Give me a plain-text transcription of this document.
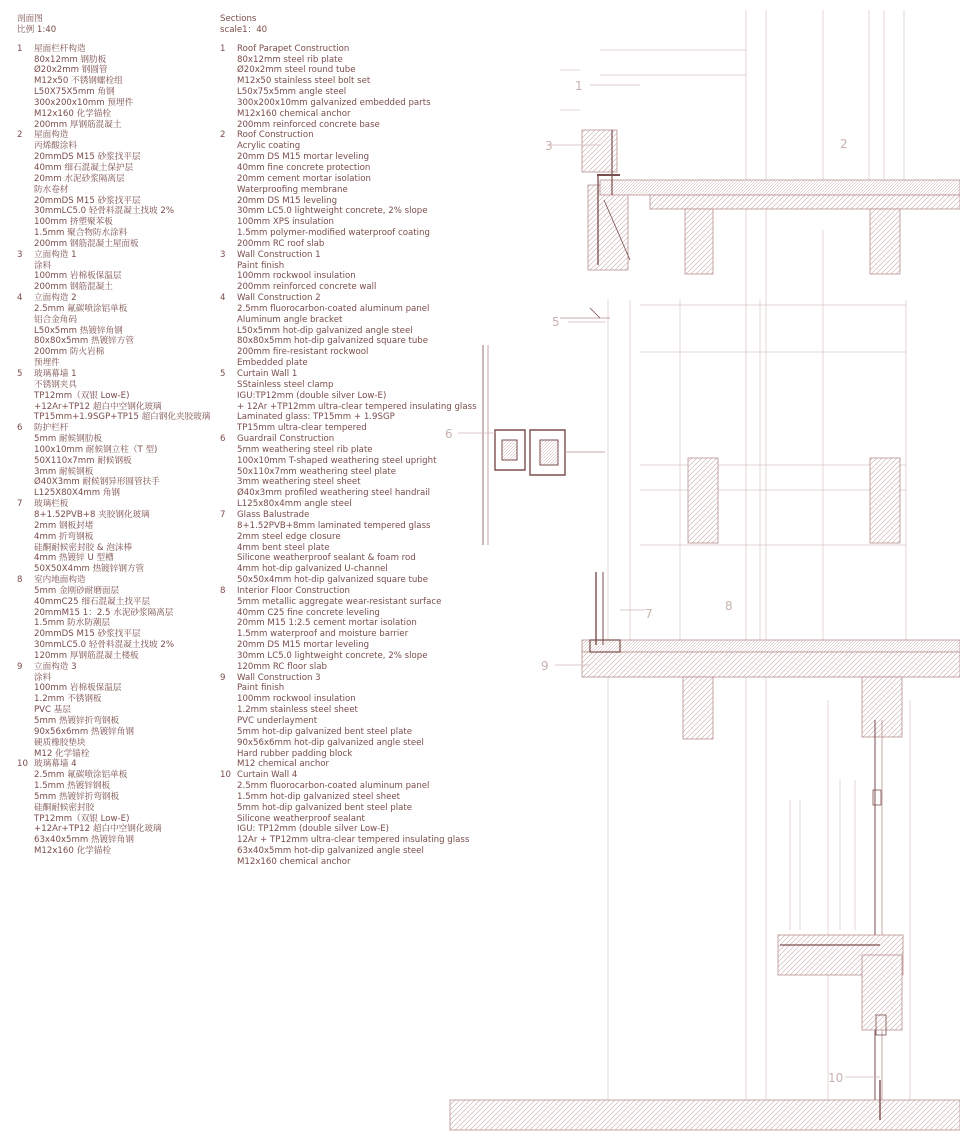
剖面图
比例 1:40
1	屋面栏杆构造
80x12mm 钢肋板
Ø20x2mm 钢圆管
M12x50 不锈钢螺栓组
L50X75X5mm 角钢
300x200x10mm 预埋件
M12x160 化学锚栓
200mm 厚钢筋混凝土
2	屋面构造
丙烯酸涂料
20mmDS M15 砂浆找平层
40mm 细石混凝土保护层
20mm 水泥砂浆隔离层
防水卷材
20mmDS M15 砂浆找平层
30mmLC5.0 轻骨料混凝土找坡 2%
100mm 挤塑聚苯板
1.5mm 聚合物防水涂料
200mm 钢筋混凝土屋面板
3	立面构造 1
涂料
100mm 岩棉板保温层
200mm 钢筋混凝土
4	立面构造 2
2.5mm 氟碳喷涂铝单板
铝合金角码
L50x5mm 热镀锌角钢
80x80x5mm 热镀锌方管
200mm 防火岩棉
预埋件
5	玻璃幕墙 1
不锈钢夹具
TP12mm（双银 Low-E)
+12Ar+TP12 超白中空钢化玻璃
TP15mm+1.9SGP+TP15 超白钢化夹胶玻璃
6	防护栏杆
5mm 耐候钢肋板
100x10mm 耐候钢立柱（T 型)
50X110x7mm 耐候钢板
3mm 耐候钢板
Ø40X3mm 耐候钢异形圆管扶手
L125X80X4mm 角钢
7	玻璃栏板
8+1.52PVB+8 夹胶钢化玻璃
2mm 钢板封堵
4mm 折弯钢板
硅酮耐候密封胶 & 泡沫棒
4mm 热镀锌 U 型槽
50X50X4mm 热镀锌钢方管
8	室内地面构造
5mm 金刚砂耐磨面层
40mmC25 细石混凝土找平层
20mmM15 1：2.5 水泥砂浆隔离层
1.5mm 防水防潮层
20mmDS M15 砂浆找平层
30mmLC5.0 轻骨料混凝土找坡 2%
120mm 厚钢筋混凝土楼板
9	立面构造 3
涂料
100mm 岩棉板保温层
1.2mm 不锈钢板
PVC 基层
5mm 热镀锌折弯钢板
90x56x6mm 热镀锌角钢
硬质橡胶垫块
M12 化学锚栓
10 玻璃幕墙 4
2.5mm 氟碳喷涂铝单板
1.5mm 热镀锌钢板
5mm 热镀锌折弯钢板
硅酮耐候密封胶
TP12mm（双银 Low-E)
+12Ar+TP12 超白中空钢化玻璃
63x40x5mm 热镀锌角钢
M12x160 化学锚栓
Sections
scale1：40
1	Roof Parapet Construction
80x12mm steel rib plate
Ø20x2mm steel round tube
M12x50 stainless steel bolt set
L50x75x5mm angle steel
300x200x10mm galvanized embedded parts
M12x160 chemical anchor
200mm reinforced concrete base
2	Roof Construction
Acrylic coating
20mm DS M15 mortar leveling
40mm fine concrete protection
20mm cement mortar isolation
Waterproofing membrane
20mm DS M15 leveling
30mm LC5.0 lightweight concrete, 2% slope
100mm XPS insulation
1.5mm polymer-modified waterproof coating
200mm RC roof slab
3	Wall Construction 1
Paint finish
100mm rockwool insulation
200mm reinforced concrete wall
4	Wall Construction 2
2.5mm fluorocarbon-coated aluminum panel
Aluminum angle bracket
L50x5mm hot-dip galvanized angle steel
80x80x5mm hot-dip galvanized square tube
200mm fire-resistant rockwool
Embedded plate
5	Curtain Wall 1
SStainless steel clamp
IGU:TP12mm (double silver Low-E)
+ 12Ar +TP12mm ultra-clear tempered insulating glass
Laminated glass: TP15mm + 1.9SGP
TP15mm ultra-clear tempered
6	Guardrail Construction
5mm weathering steel rib plate
100x10mm T-shaped weathering steel upright
50x110x7mm weathering steel plate
3mm weathering steel sheet
Ø40x3mm profiled weathering steel handrail
L125x80x4mm angle steel
7	Glass Balustrade
8+1.52PVB+8mm laminated tempered glass
2mm steel edge closure
4mm bent steel plate
Silicone weatherproof sealant & foam rod
4mm hot-dip galvanized U-channel
50x50x4mm hot-dip galvanized square tube
8	Interior Floor Construction
5mm metallic aggregate wear-resistant surface
40mm C25 fine concrete leveling
20mm M15 1:2.5 cement mortar isolation
1.5mm waterproof and moisture barrier
20mm DS M15 mortar leveling
30mm LC5.0 lightweight concrete, 2% slope
120mm RC floor slab
9	Wall Construction 3
Paint finish
100mm rockwool insulation
1.2mm stainless steel sheet
PVC underlayment
5mm hot-dip galvanized bent steel plate
90x56x6mm hot-dip galvanized angle steel
Hard rubber padding block
M12 chemical anchor
10 Curtain Wall 4
2.5mm fluorocarbon-coated aluminum panel
1.5mm hot-dip galvanized steel sheet
5mm hot-dip galvanized bent steel plate
Silicone weatherproof sealant
IGU: TP12mm (double silver Low-E)
12Ar + TP12mm ultra-clear tempered insulating glass
63x40x5mm hot-dip galvanized angle steel
M12x160 chemical anchor
1
2
3
5
6
7
8
9
10
